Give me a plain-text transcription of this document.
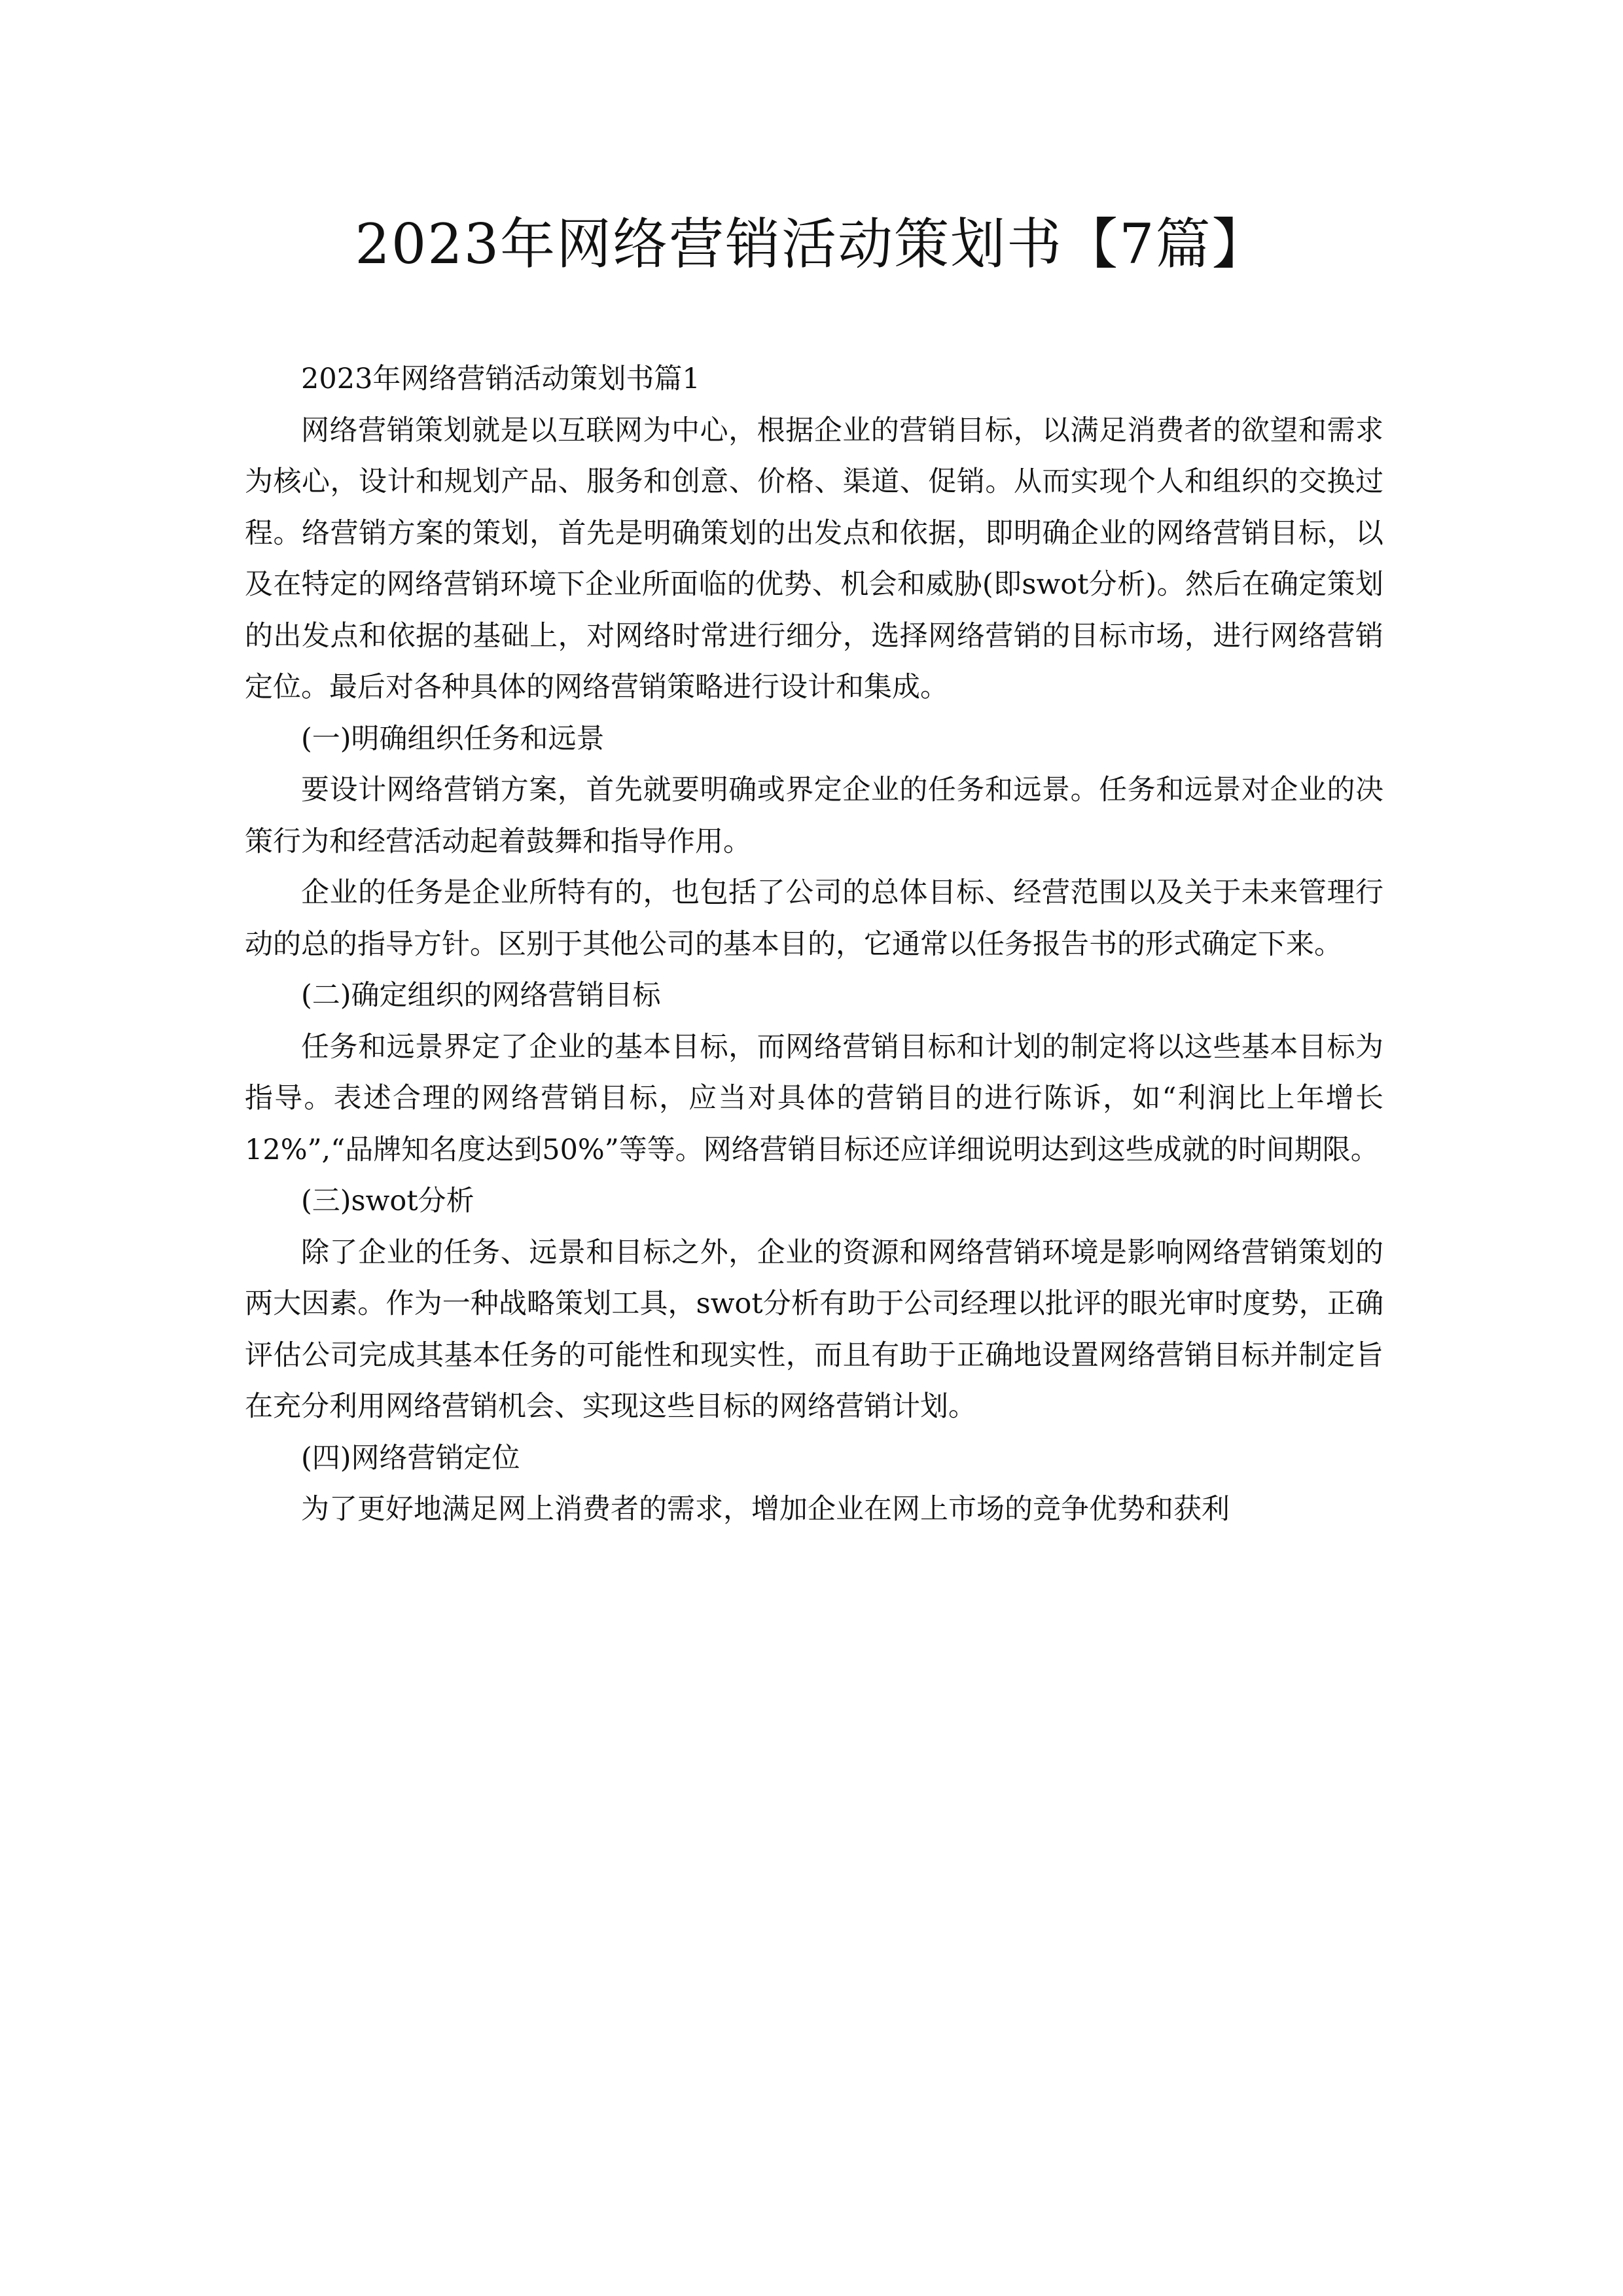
2023年网络营销活动策划书【7篇】

2023年网络营销活动策划书篇1

网络营销策划就是以互联网为中心，根据企业的营销目标，以满足消费者的欲望和需求为核心，设计和规划产品、服务和创意、价格、渠道、促销。从而实现个人和组织的交换过程。络营销方案的策划，首先是明确策划的出发点和依据，即明确企业的网络营销目标，以及在特定的网络营销环境下企业所面临的优势、机会和威胁(即swot分析)。然后在确定策划的出发点和依据的基础上，对网络时常进行细分，选择网络营销的目标市场，进行网络营销定位。最后对各种具体的网络营销策略进行设计和集成。

(一)明确组织任务和远景

要设计网络营销方案，首先就要明确或界定企业的任务和远景。任务和远景对企业的决策行为和经营活动起着鼓舞和指导作用。

企业的任务是企业所特有的，也包括了公司的总体目标、经营范围以及关于未来管理行动的总的指导方针。区别于其他公司的基本目的，它通常以任务报告书的形式确定下来。

(二)确定组织的网络营销目标

任务和远景界定了企业的基本目标，而网络营销目标和计划的制定将以这些基本目标为指导。表述合理的网络营销目标，应当对具体的营销目的进行陈诉，如“利润比上年增长12%”,“品牌知名度达到50%”等等。网络营销目标还应详细说明达到这些成就的时间期限。

(三)swot分析

除了企业的任务、远景和目标之外，企业的资源和网络营销环境是影响网络营销策划的两大因素。作为一种战略策划工具，swot分析有助于公司经理以批评的眼光审时度势，正确评估公司完成其基本任务的可能性和现实性，而且有助于正确地设置网络营销目标并制定旨在充分利用网络营销机会、实现这些目标的网络营销计划。

(四)网络营销定位

为了更好地满足网上消费者的需求，增加企业在网上市场的竞争优势和获利
